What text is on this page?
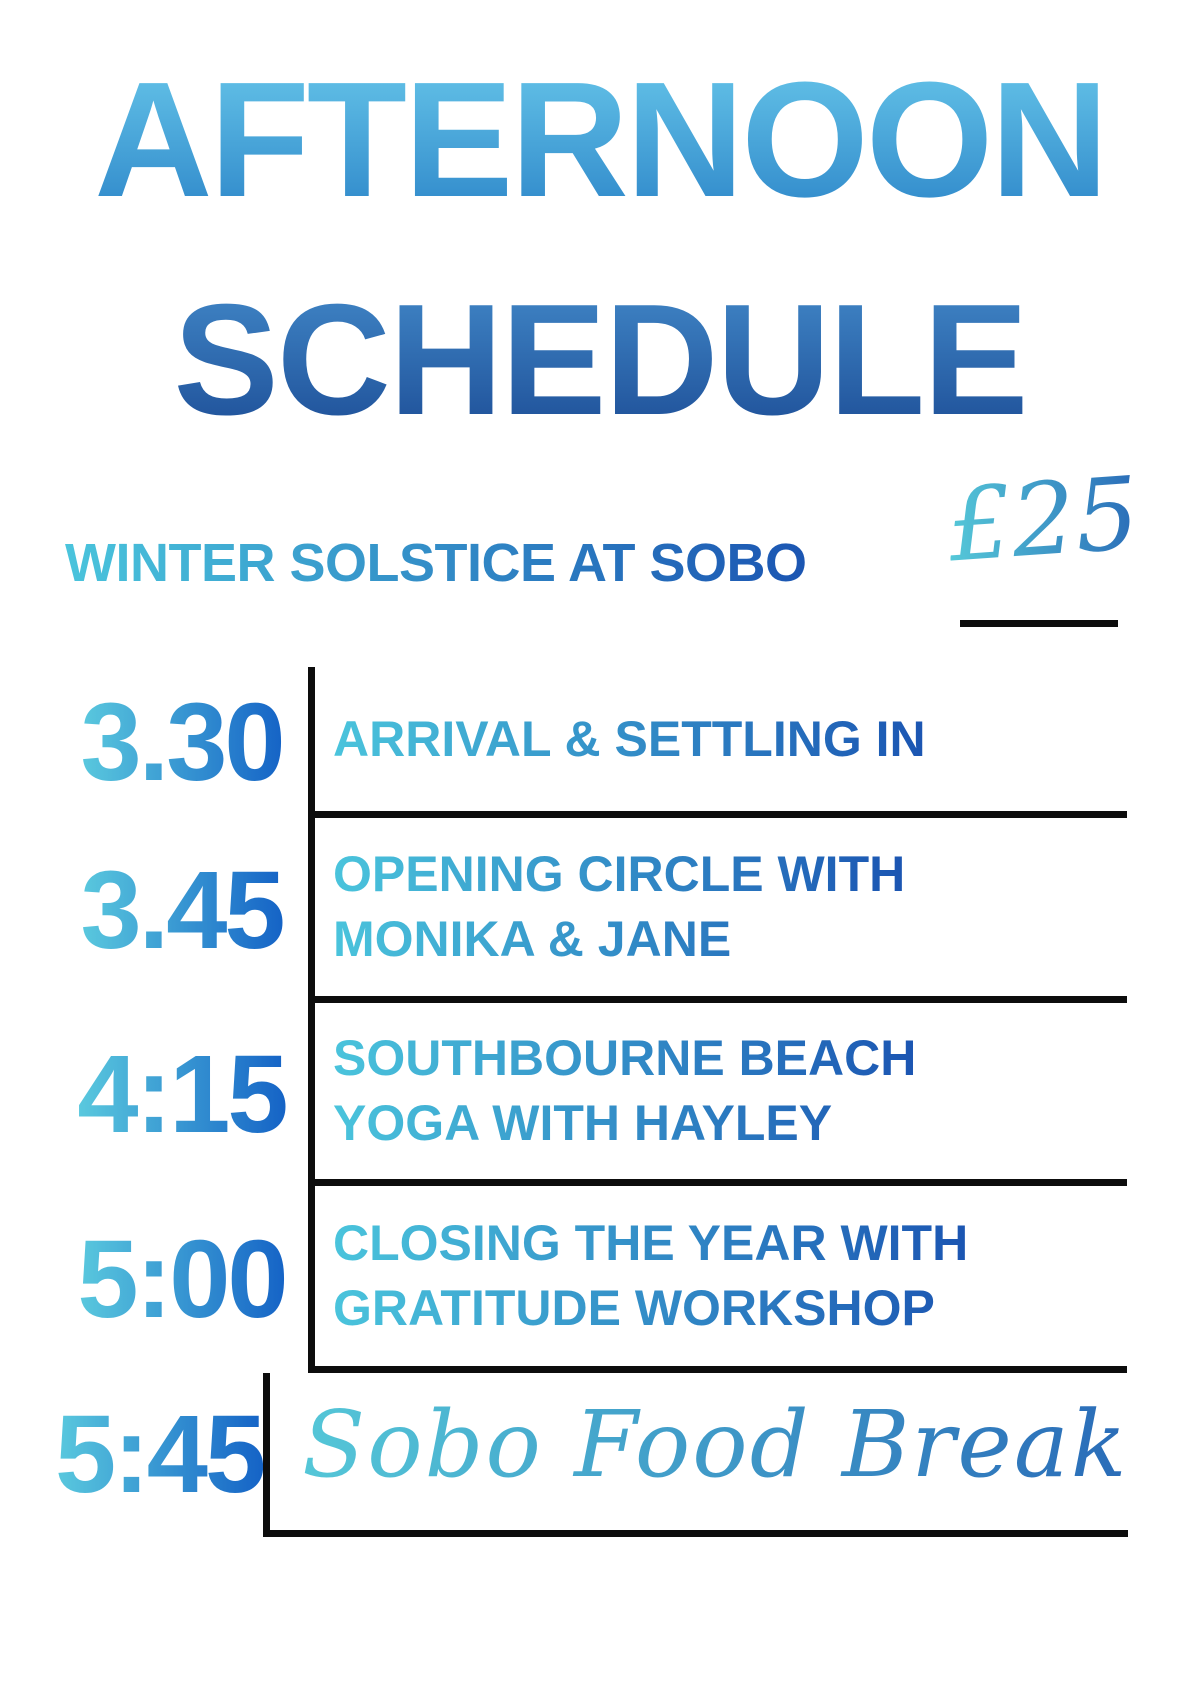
AFTERNOON
SCHEDULE
WINTER SOLSTICE AT SOBO £25
3.30 ARRIVAL & SETTLING IN
3.45 OPENING CIRCLE WITH
MONIKA & JANE
4:15 SOUTHBOURNE BEACH
YOGA WITH HAYLEY
5:00 CLOSING THE YEAR WITH
GRATITUDE WORKSHOP
5:45 Sobo Food Break
